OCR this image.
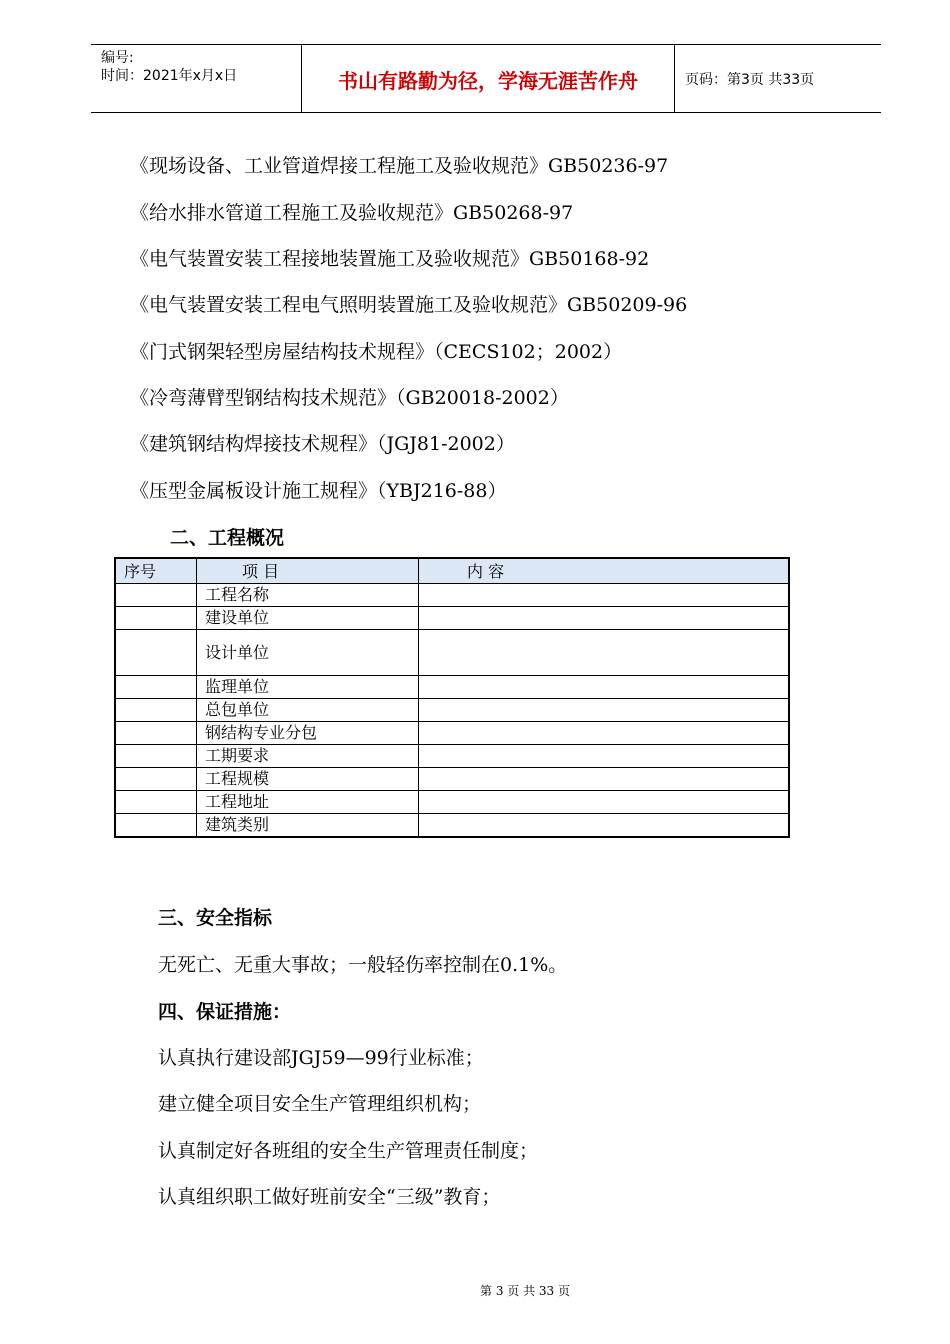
编号:
时间：2021年x月x日	书山有路勤为径，学海无涯苦作舟	页码：第3页 共33页
《现场设备、工业管道焊接工程施工及验收规范》GB50236-97
《给水排水管道工程施工及验收规范》GB50268-97
《电气装置安装工程接地装置施工及验收规范》GB50168-92
《电气装置安装工程电气照明装置施工及验收规范》GB50209-96
《门式钢架轻型房屋结构技术规程》（CECS102；2002）
《冷弯薄臂型钢结构技术规范》（GB20018-2002）
《建筑钢结构焊接技术规程》（JGJ81-2002）
《压型金属板设计施工规程》（YBJ216-88）
二、工程概况
序号	项 目	内 容
	工程名称	
	建设单位	
	设计单位	
	监理单位	
	总包单位	
	钢结构专业分包	
	工期要求	
	工程规模	
	工程地址	
	建筑类别	
三、安全指标
无死亡、无重大事故；一般轻伤率控制在0.1%。
四、保证措施：
认真执行建设部JGJ59—99行业标准；
建立健全项目安全生产管理组织机构；
认真制定好各班组的安全生产管理责任制度；
认真组织职工做好班前安全“三级”教育；
第 3 页 共 33 页
